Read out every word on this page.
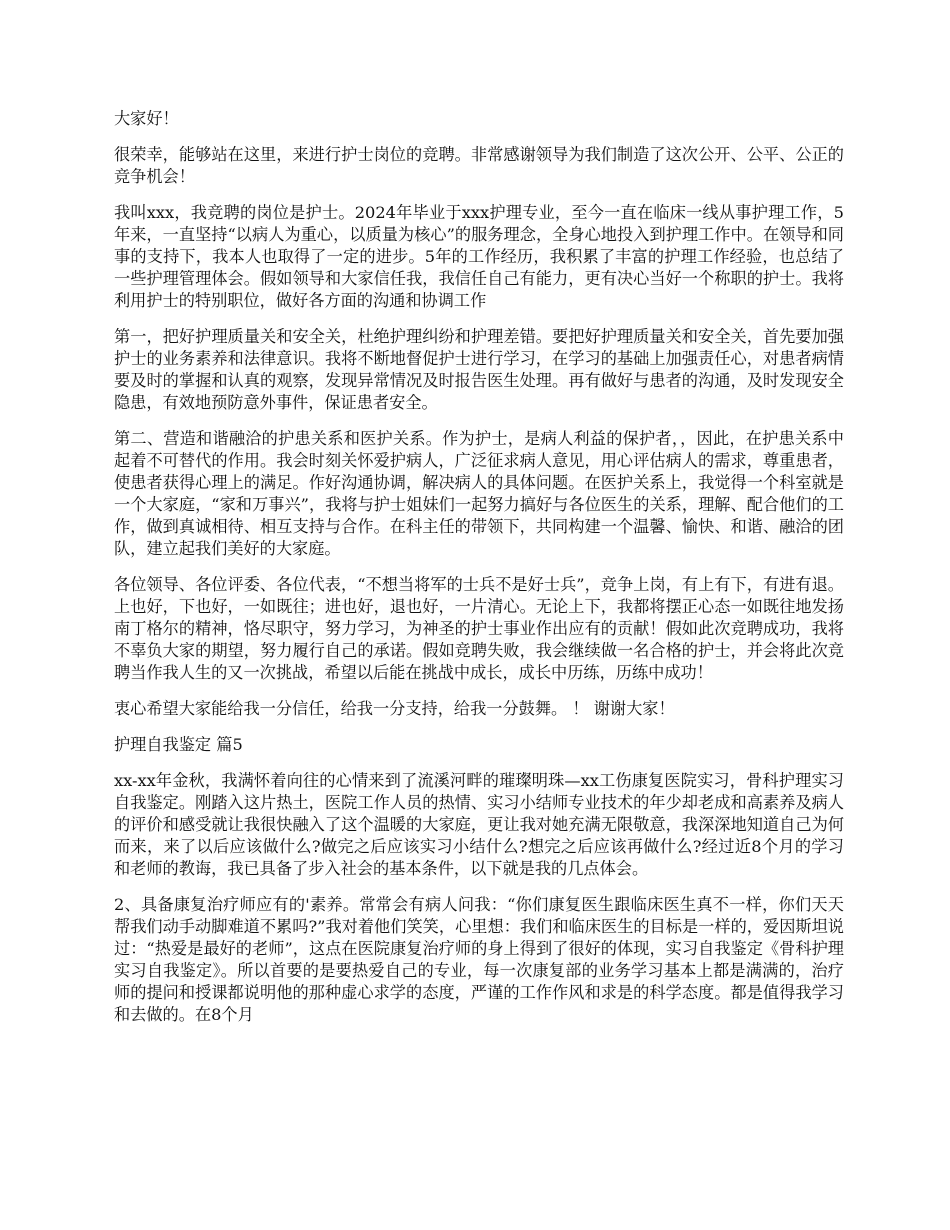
大家好！

很荣幸，能够站在这里，来进行护士岗位的竞聘。非常感谢领导为我们制造了这次公开、公平、公正的竞争机会！

我叫xxx，我竞聘的岗位是护士。2024年毕业于xxx护理专业，至今一直在临床一线从事护理工作，5年来，一直坚持“以病人为重心，以质量为核心”的服务理念，全身心地投入到护理工作中。在领导和同事的支持下，我本人也取得了一定的进步。5年的工作经历，我积累了丰富的护理工作经验，也总结了一些护理管理体会。假如领导和大家信任我，我信任自己有能力，更有决心当好一个称职的护士。我将利用护士的特别职位，做好各方面的沟通和协调工作

第一，把好护理质量关和安全关，杜绝护理纠纷和护理差错。要把好护理质量关和安全关，首先要加强护士的业务素养和法律意识。我将不断地督促护士进行学习，在学习的基础上加强责任心，对患者病情要及时的掌握和认真的观察，发现异常情况及时报告医生处理。再有做好与患者的沟通，及时发现安全隐患，有效地预防意外事件，保证患者安全。

第二、营造和谐融洽的护患关系和医护关系。作为护士，是病人利益的保护者，，因此，在护患关系中起着不可替代的作用。我会时刻关怀爱护病人，广泛征求病人意见，用心评估病人的需求，尊重患者，使患者获得心理上的满足。作好沟通协调，解决病人的具体问题。在医护关系上，我觉得一个科室就是一个大家庭，“家和万事兴”，我将与护士姐妹们一起努力搞好与各位医生的关系，理解、配合他们的工作，做到真诚相待、相互支持与合作。在科主任的带领下，共同构建一个温馨、愉快、和谐、融洽的团队，建立起我们美好的大家庭。

各位领导、各位评委、各位代表，“不想当将军的士兵不是好士兵”，竞争上岗，有上有下，有进有退。上也好，下也好，一如既往；进也好，退也好，一片清心。无论上下，我都将摆正心态一如既往地发扬南丁格尔的精神，恪尽职守，努力学习，为神圣的护士事业作出应有的贡献！假如此次竞聘成功，我将不辜负大家的期望，努力履行自己的承诺。假如竞聘失败，我会继续做一名合格的护士，并会将此次竞聘当作我人生的又一次挑战，希望以后能在挑战中成长，成长中历练，历练中成功！

衷心希望大家能给我一分信任，给我一分支持，给我一分鼓舞。 ！ 谢谢大家！

护理自我鉴定 篇5

xx-xx年金秋，我满怀着向往的心情来到了流溪河畔的璀璨明珠—xx工伤康复医院实习，骨科护理实习自我鉴定。刚踏入这片热土，医院工作人员的热情、实习小结师专业技术的年少却老成和高素养及病人的评价和感受就让我很快融入了这个温暖的大家庭，更让我对她充满无限敬意，我深深地知道自己为何而来，来了以后应该做什么?做完之后应该实习小结什么?想完之后应该再做什么?经过近8个月的学习和老师的教诲，我已具备了步入社会的基本条件，以下就是我的几点体会。

2、具备康复治疗师应有的'素养。常常会有病人问我：“你们康复医生跟临床医生真不一样，你们天天帮我们动手动脚难道不累吗?”我对着他们笑笑，心里想：我们和临床医生的目标是一样的，爱因斯坦说过：“热爱是最好的老师”，这点在医院康复治疗师的身上得到了很好的体现，实习自我鉴定《骨科护理实习自我鉴定》。所以首要的是要热爱自己的专业，每一次康复部的业务学习基本上都是满满的，治疗师的提问和授课都说明他的那种虚心求学的态度，严谨的工作作风和求是的科学态度。都是值得我学习和去做的。在8个月
